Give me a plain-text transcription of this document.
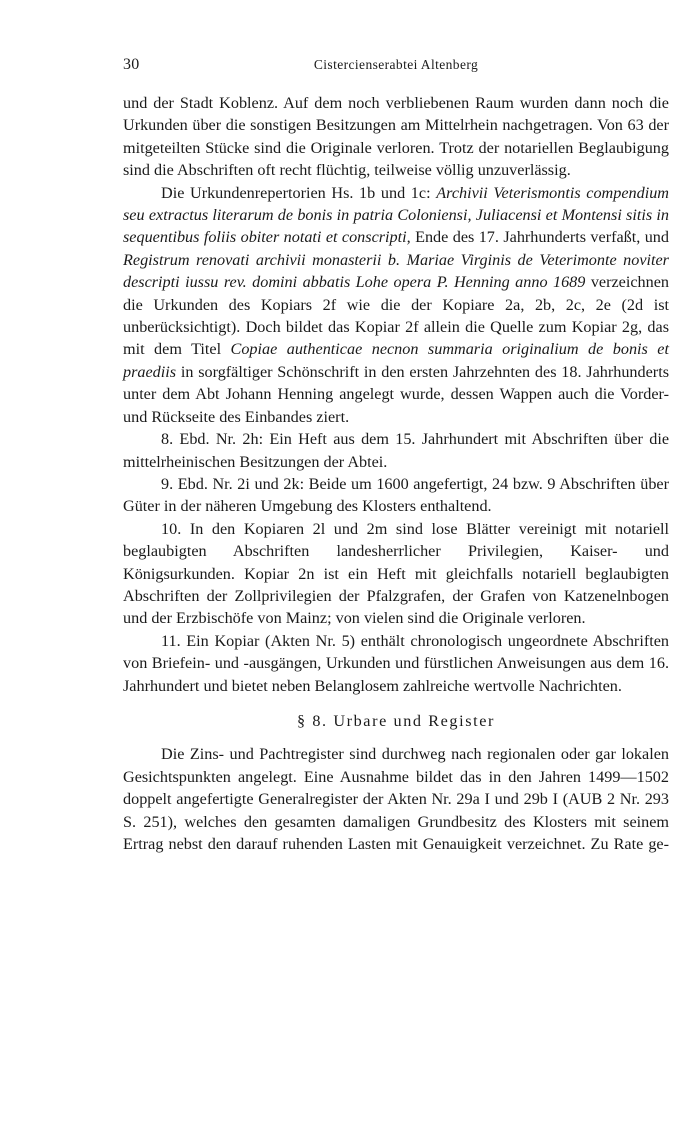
30	Cistercienserabtei Altenberg

und der Stadt Koblenz. Auf dem noch verbliebenen Raum wurden dann noch die Urkunden über die sonstigen Besitzungen am Mittelrhein nachgetragen. Von 63 der mitgeteilten Stücke sind die Originale verloren. Trotz der notariellen Beglaubigung sind die Abschriften oft recht flüchtig, teilweise völlig unzuverlässig.

Die Urkundenrepertorien Hs. 1b und 1c: Archivii Veterismontis compendium seu extractus literarum de bonis in patria Coloniensi, Juliacensi et Montensi sitis in sequentibus foliis obiter notati et conscripti, Ende des 17. Jahrhunderts verfaßt, und Registrum renovati archivii monasterii b. Mariae Virginis de Veterimonte noviter descripti iussu rev. domini abbatis Lohe opera P. Henning anno 1689 verzeichnen die Urkunden des Kopiars 2f wie die der Kopiare 2a, 2b, 2c, 2e (2d ist unberücksichtigt). Doch bildet das Kopiar 2f allein die Quelle zum Kopiar 2g, das mit dem Titel Copiae authenticae necnon summaria originalium de bonis et praediis in sorgfältiger Schönschrift in den ersten Jahrzehnten des 18. Jahrhunderts unter dem Abt Johann Henning angelegt wurde, dessen Wappen auch die Vorder- und Rückseite des Einbandes ziert.

8. Ebd. Nr. 2h: Ein Heft aus dem 15. Jahrhundert mit Abschriften über die mittelrheinischen Besitzungen der Abtei.

9. Ebd. Nr. 2i und 2k: Beide um 1600 angefertigt, 24 bzw. 9 Abschriften über Güter in der näheren Umgebung des Klosters enthaltend.

10. In den Kopiaren 2l und 2m sind lose Blätter vereinigt mit notariell beglaubigten Abschriften landesherrlicher Privilegien, Kaiser- und Königsurkunden. Kopiar 2n ist ein Heft mit gleichfalls notariell beglaubigten Abschriften der Zollprivilegien der Pfalzgrafen, der Grafen von Katzenelnbogen und der Erzbischöfe von Mainz; von vielen sind die Originale verloren.

11. Ein Kopiar (Akten Nr. 5) enthält chronologisch ungeordnete Abschriften von Briefein- und -ausgängen, Urkunden und fürstlichen Anweisungen aus dem 16. Jahrhundert und bietet neben Belanglosem zahlreiche wertvolle Nachrichten.

§ 8. Urbare und Register

Die Zins- und Pachtregister sind durchweg nach regionalen oder gar lokalen Gesichtspunkten angelegt. Eine Ausnahme bildet das in den Jahren 1499—1502 doppelt angefertigte Generalregister der Akten Nr. 29a I und 29b I (AUB 2 Nr. 293 S. 251), welches den gesamten damaligen Grundbesitz des Klosters mit seinem Ertrag nebst den darauf ruhenden Lasten mit Genauigkeit verzeichnet. Zu Rate ge-
